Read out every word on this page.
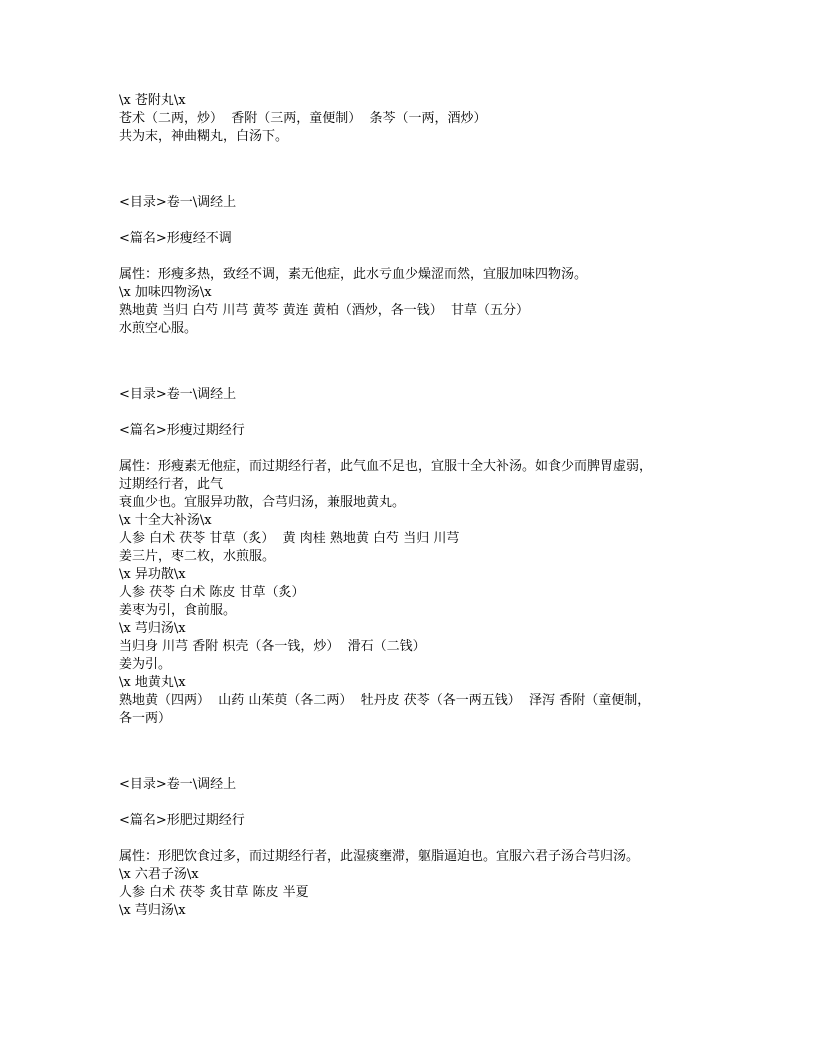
\x 苍附丸\x

苍术（二两，炒）  香附（三两，童便制）  条芩（一两，酒炒）

共为末，神曲糊丸，白汤下。

<目录>卷一\调经上

<篇名>形瘦经不调

属性：形瘦多热，致经不调，素无他症，此水亏血少燥涩而然，宜服加味四物汤。

\x 加味四物汤\x

熟地黄 当归 白芍 川芎 黄芩 黄连 黄柏（酒炒，各一钱）  甘草（五分）

水煎空心服。

<目录>卷一\调经上

<篇名>形瘦过期经行

属性：形瘦素无他症，而过期经行者，此气血不足也，宜服十全大补汤。如食少而脾胃虚弱，

过期经行者，此气

衰血少也。宜服异功散，合芎归汤，兼服地黄丸。

\x 十全大补汤\x

人参 白术 茯苓 甘草（炙）  黄 肉桂 熟地黄 白芍 当归 川芎

姜三片，枣二枚，水煎服。

\x 异功散\x

人参 茯苓 白术 陈皮 甘草（炙）

姜枣为引，食前服。

\x 芎归汤\x

当归身 川芎 香附 枳壳（各一钱，炒）  滑石（二钱）

姜为引。

\x 地黄丸\x

熟地黄（四两）  山药 山茱萸（各二两）  牡丹皮 茯苓（各一两五钱）  泽泻 香附（童便制，

各一两）

<目录>卷一\调经上

<篇名>形肥过期经行

属性：形肥饮食过多，而过期经行者，此湿痰壅滞，躯脂逼迫也。宜服六君子汤合芎归汤。

\x 六君子汤\x

人参 白术 茯苓 炙甘草 陈皮 半夏

\x 芎归汤\x
